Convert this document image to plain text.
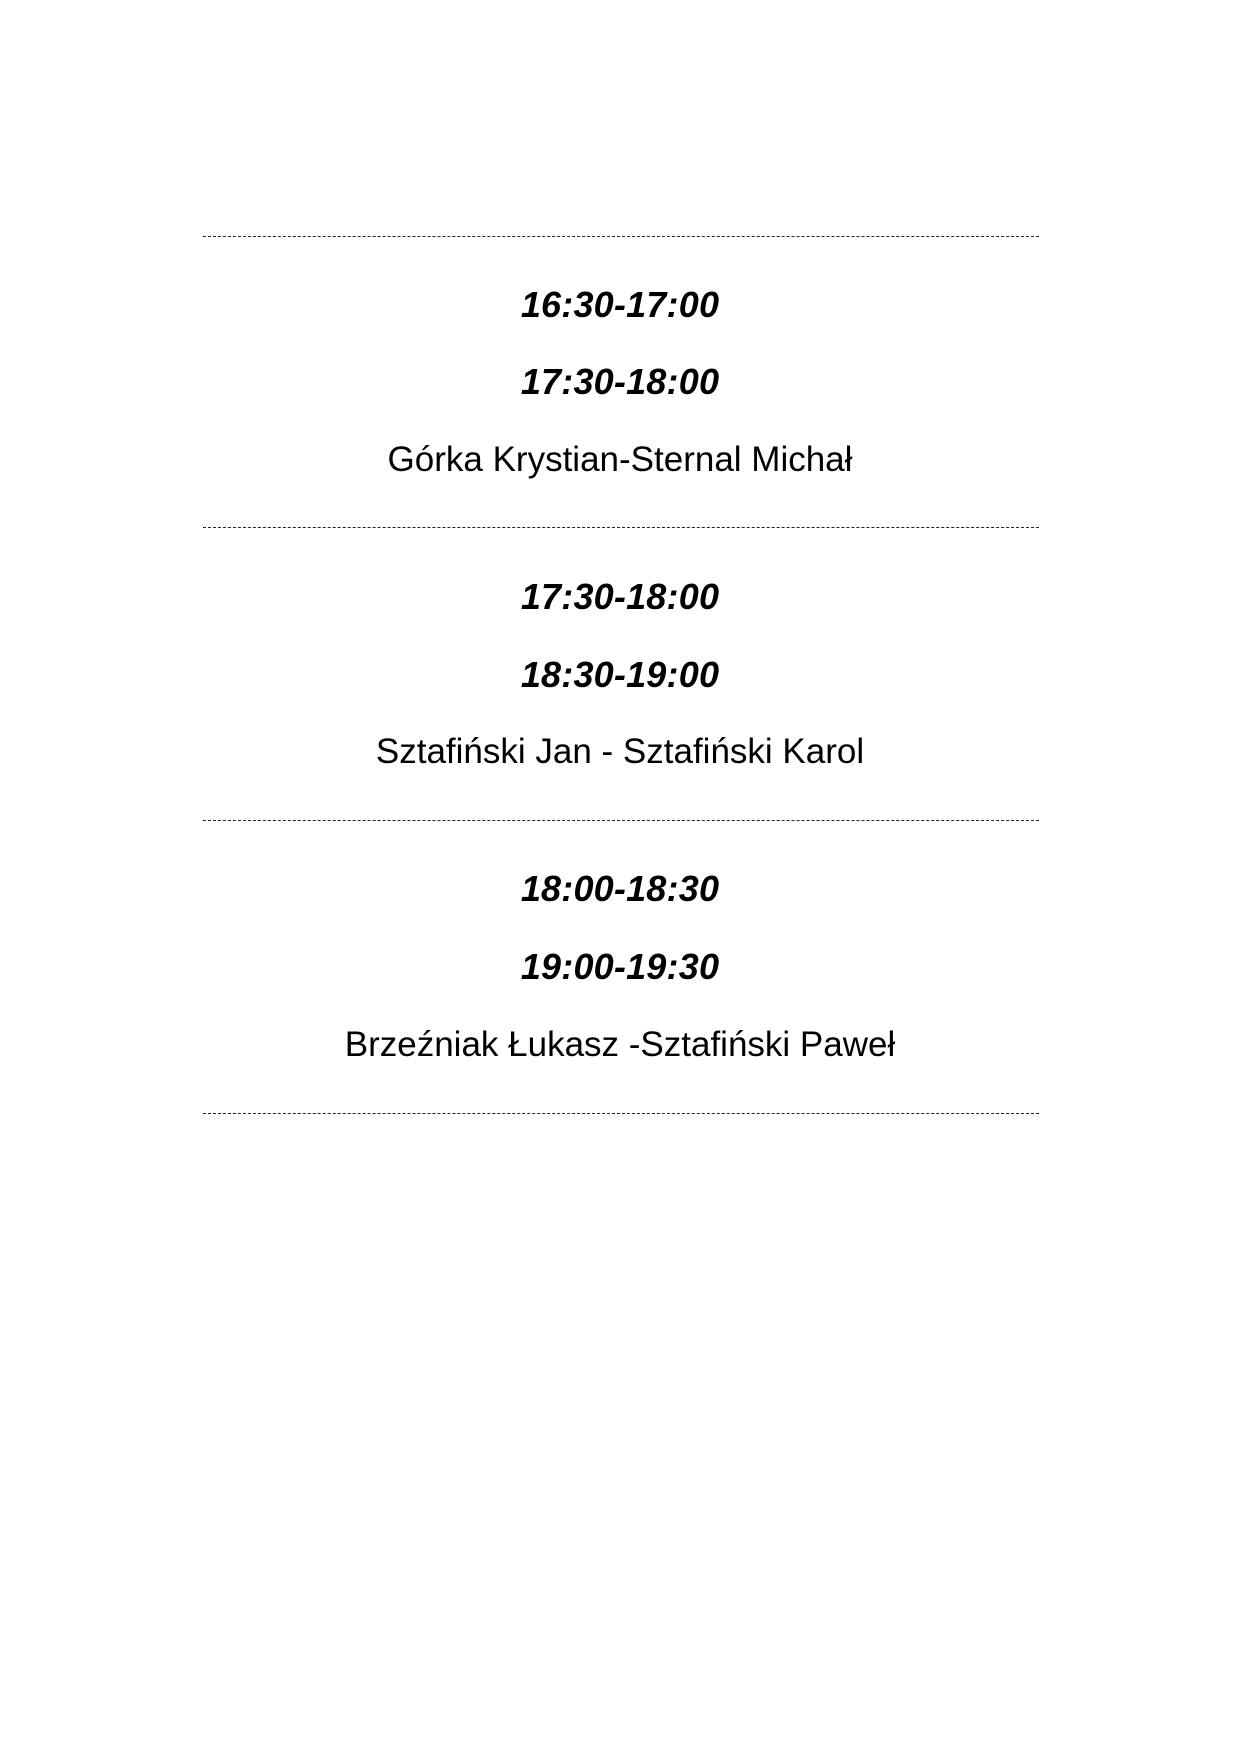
16:30-17:00
17:30-18:00
Górka Krystian-Sternal Michał
17:30-18:00
18:30-19:00
Sztafiński Jan - Sztafiński Karol
18:00-18:30
19:00-19:30
Brzeźniak Łukasz -Sztafiński Paweł
